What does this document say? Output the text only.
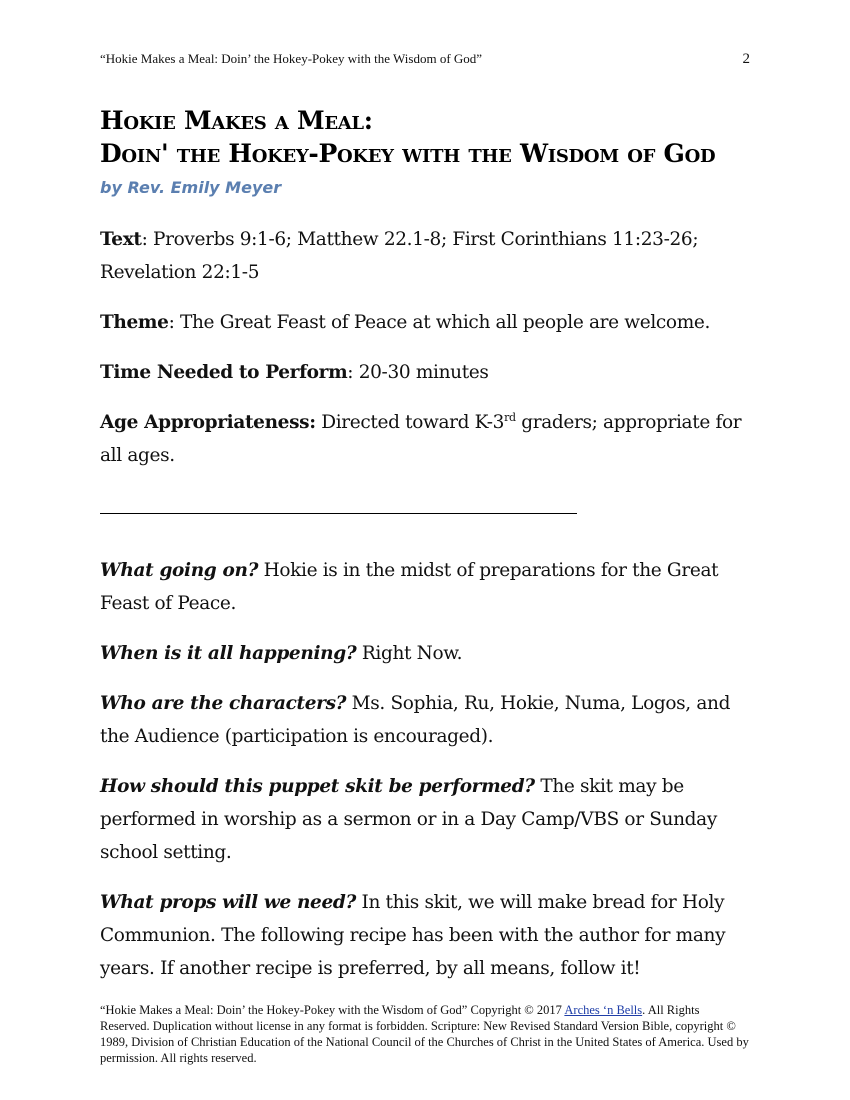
“Hokie Makes a Meal: Doin’ the Hokey-Pokey with the Wisdom of God”	2
Hokie Makes a Meal:
Doin' the Hokey-Pokey with the Wisdom of God
by Rev. Emily Meyer

Text: Proverbs 9:1-6; Matthew 22.1-8; First Corinthians 11:23-26; Revelation 22:1-5

Theme: The Great Feast of Peace at which all people are welcome.

Time Needed to Perform: 20-30 minutes

Age Appropriateness: Directed toward K-3rd graders; appropriate for all ages.

What going on? Hokie is in the midst of preparations for the Great Feast of Peace.

When is it all happening? Right Now.

Who are the characters? Ms. Sophia, Ru, Hokie, Numa, Logos, and the Audience (participation is encouraged).

How should this puppet skit be performed? The skit may be performed in worship as a sermon or in a Day Camp/VBS or Sunday school setting.

What props will we need? In this skit, we will make bread for Holy Communion. The following recipe has been with the author for many years. If another recipe is preferred, by all means, follow it!

“Hokie Makes a Meal: Doin’ the Hokey-Pokey with the Wisdom of God” Copyright © 2017 Arches ‘n Bells. All Rights Reserved. Duplication without license in any format is forbidden. Scripture: New Revised Standard Version Bible, copyright © 1989, Division of Christian Education of the National Council of the Churches of Christ in the United States of America. Used by permission. All rights reserved.
